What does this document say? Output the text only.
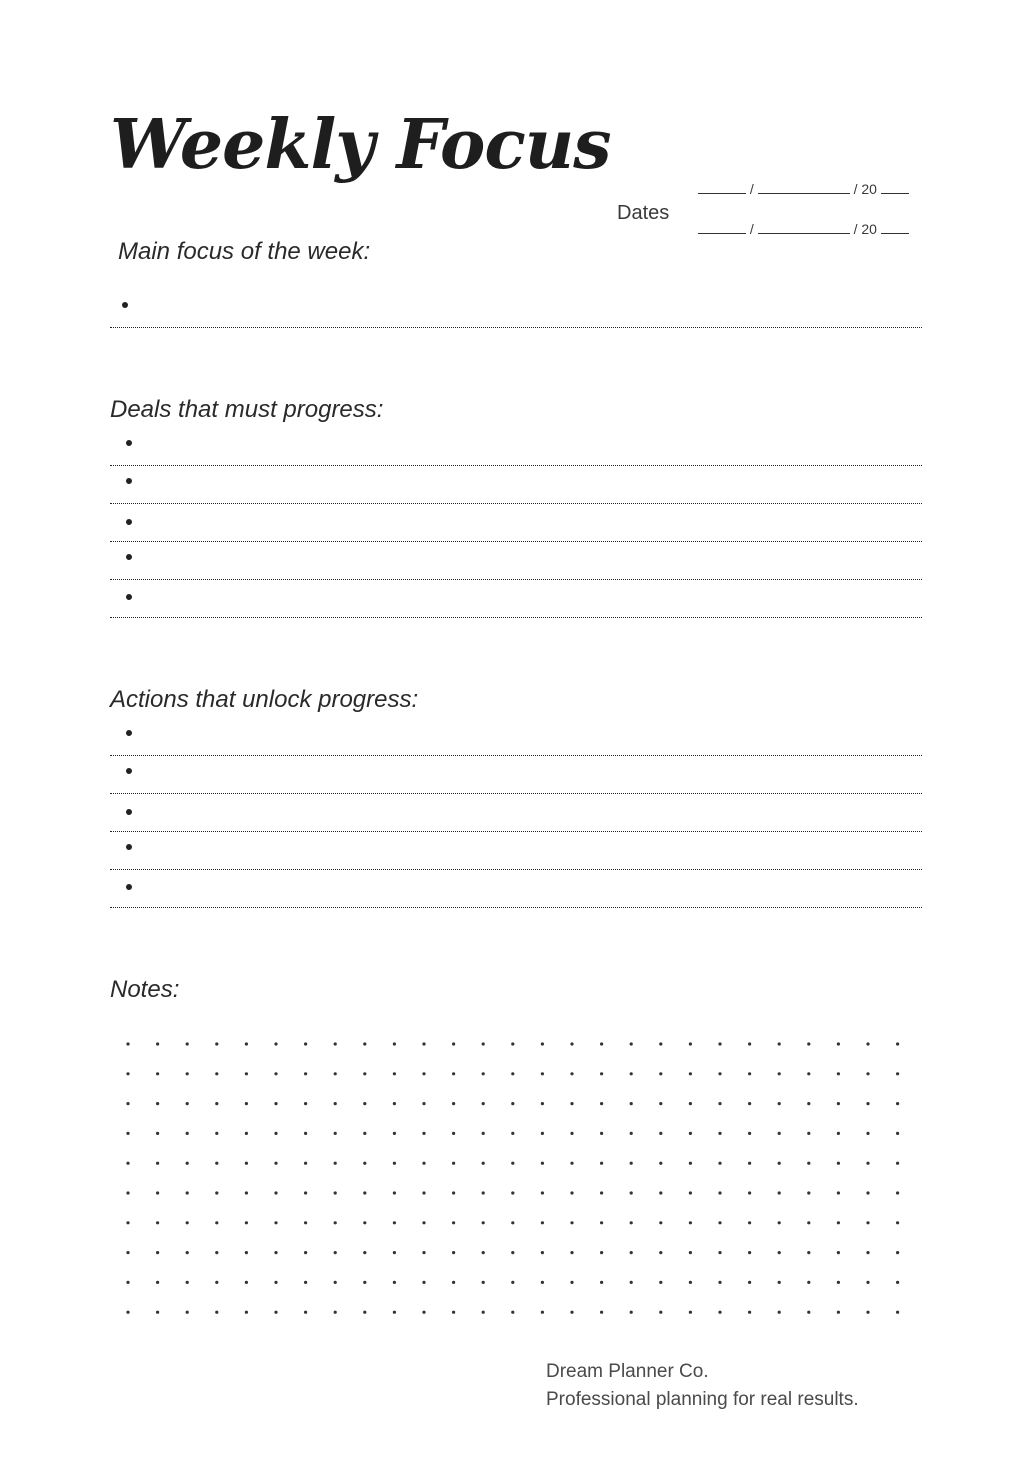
Weekly Focus
Dates
/	/ 20
/	/ 20

Main focus of the week:

Deals that must progress:

Actions that unlock progress:

Notes:

Dream Planner Co.
Professional planning for real results.
